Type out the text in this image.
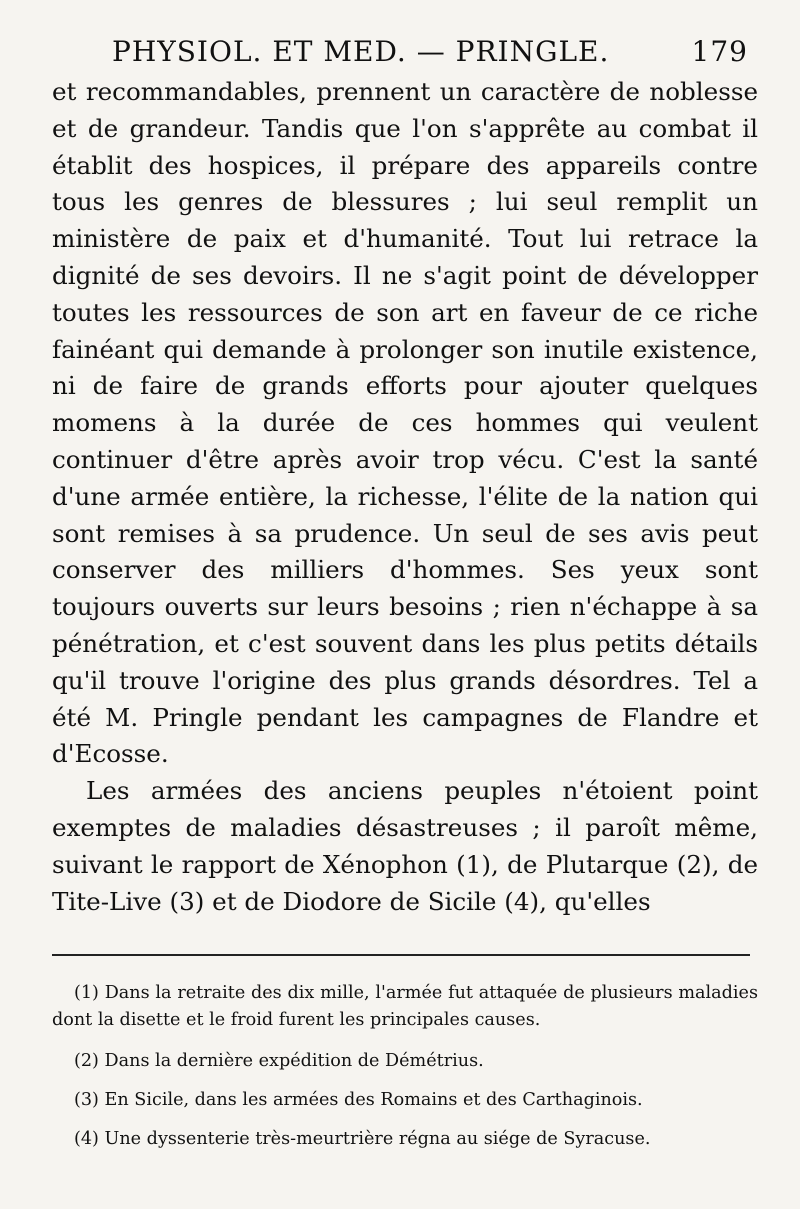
PHYSIOL. ET MED. — PRINGLE.	179

et recommandables, prennent un caractère de noblesse et de grandeur. Tandis que l'on s'apprête au combat il établit des hospices, il prépare des appareils contre tous les genres de blessures ; lui seul remplit un ministère de paix et d'humanité. Tout lui retrace la dignité de ses devoirs. Il ne s'agit point de développer toutes les ressources de son art en faveur de ce riche fainéant qui demande à prolonger son inutile existence, ni de faire de grands efforts pour ajouter quelques momens à la durée de ces hommes qui veulent continuer d'être après avoir trop vécu. C'est la santé d'une armée entière, la richesse, l'élite de la nation qui sont remises à sa prudence. Un seul de ses avis peut conserver des milliers d'hommes. Ses yeux sont toujours ouverts sur leurs besoins ; rien n'échappe à sa pénétration, et c'est souvent dans les plus petits détails qu'il trouve l'origine des plus grands désordres. Tel a été M. Pringle pendant les campagnes de Flandre et d'Ecosse.

Les armées des anciens peuples n'étoient point exemptes de maladies désastreuses ; il paroît même, suivant le rapport de Xénophon (1), de Plutarque (2), de Tite-Live (3) et de Diodore de Sicile (4), qu'elles

(1) Dans la retraite des dix mille, l'armée fut attaquée de plusieurs maladies dont la disette et le froid furent les principales causes.

(2) Dans la dernière expédition de Démétrius.

(3) En Sicile, dans les armées des Romains et des Carthaginois.

(4) Une dyssenterie très-meurtrière régna au siége de Syracuse.
